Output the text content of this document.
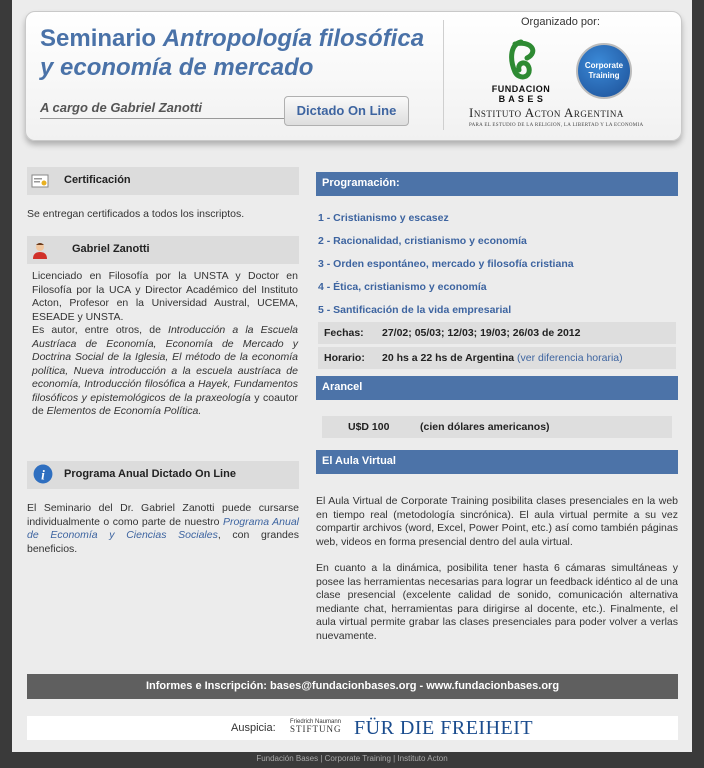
Seminario Antropología filosófica y economía de mercado
A cargo de Gabriel Zanotti	Dictado On Line
Organizado por:
FUNDACION
B A S E S
Corporate Training
Instituto Acton Argentina
PARA EL ESTUDIO DE LA RELIGION, LA LIBERTAD Y LA ECONOMIA
Certificación
Se entregan certificados a todos los inscriptos.
Gabriel Zanotti
Licenciado en Filosofía por la UNSTA y Doctor en Filosofía por la UCA y Director Académico del Instituto Acton, Profesor en la Universidad Austral, UCEMA, ESEADE y UNSTA.
Es autor, entre otros, de Introducción a la Escuela Austríaca de Economía, Economía de Mercado y Doctrina Social de la Iglesia, El método de la economía política, Nueva introducción a la escuela austríaca de economía, Introducción filosófica a Hayek, Fundamentos filosóficos y epistemológicos de la praxeología y coautor de Elementos de Economía Política.
i Programa Anual Dictado On Line
El Seminario del Dr. Gabriel Zanotti puede cursarse individualmente o como parte de nuestro Programa Anual de Economía y Ciencias Sociales, con grandes beneficios.
Programación:
1 - Cristianismo y escasez
2 - Racionalidad, cristianismo y economía
3 - Orden espontáneo, mercado y filosofía cristiana
4 - Ética, cristianismo y economía
5 - Santificación de la vida empresarial
Fechas: 27/02; 05/03; 12/03; 19/03; 26/03 de 2012
Horario: 20 hs a 22 hs de Argentina (ver diferencia horaria)
Arancel
U$D 100	(cien dólares americanos)
El Aula Virtual
El Aula Virtual de Corporate Training posibilita clases presenciales en la web en tiempo real (metodología sincrónica). El aula virtual permite a su vez compartir archivos (word, Excel, Power Point, etc.) así como también páginas web, videos en forma presencial dentro del aula virtual.
En cuanto a la dinámica, posibilita tener hasta 6 cámaras simultáneas y posee las herramientas necesarias para lograr un feedback idéntico al de una clase presencial (excelente calidad de sonido, comunicación alternativa mediante chat, herramientas para dirigirse al docente, etc.). Finalmente, el aula virtual permite grabar las clases presenciales para poder volver a verlas nuevamente.
Informes e Inscripción: bases@fundacionbases.org - www.fundacionbases.org
Auspicia: Friedrich Naumann
STIFTUNG FÜR DIE FREIHEIT
Fundación Bases | Corporate Training | Instituto Acton
